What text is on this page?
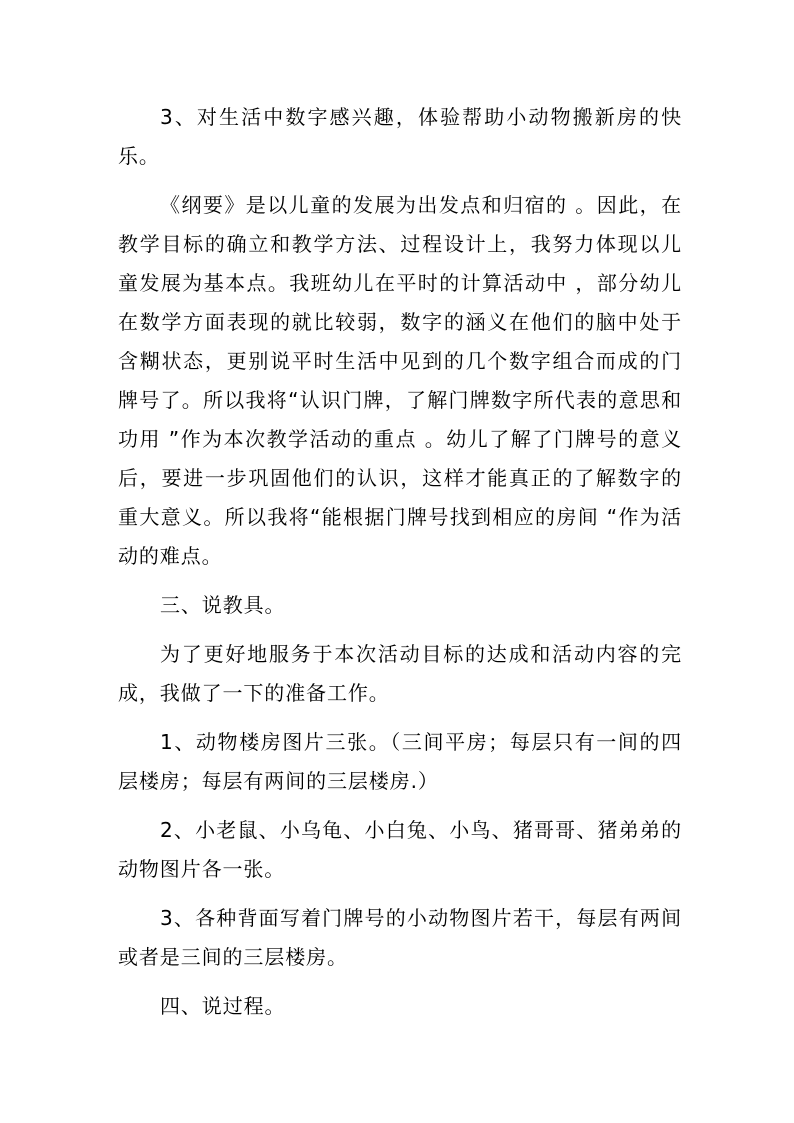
3、对生活中数字感兴趣，体验帮助小动物搬新房的快乐。

《纲要》是以儿童的发展为出发点和归宿的 。因此，在教学目标的确立和教学方法、过程设计上，我努力体现以儿童发展为基本点。我班幼儿在平时的计算活动中 ，部分幼儿在数学方面表现的就比较弱，数字的涵义在他们的脑中处于含糊状态，更别说平时生活中见到的几个数字组合而成的门牌号了。所以我将“认识门牌，了解门牌数字所代表的意思和功用 ”作为本次教学活动的重点 。幼儿了解了门牌号的意义后，要进一步巩固他们的认识，这样才能真正的了解数字的重大意义。所以我将“能根据门牌号找到相应的房间 “作为活动的难点。

三、说教具。

为了更好地服务于本次活动目标的达成和活动内容的完成，我做了一下的准备工作。

1、动物楼房图片三张。（三间平房；每层只有一间的四层楼房；每层有两间的三层楼房.）

2、小老鼠、小乌龟、小白兔、小鸟、猪哥哥、猪弟弟的动物图片各一张。

3、各种背面写着门牌号的小动物图片若干，每层有两间或者是三间的三层楼房。

四、说过程。
